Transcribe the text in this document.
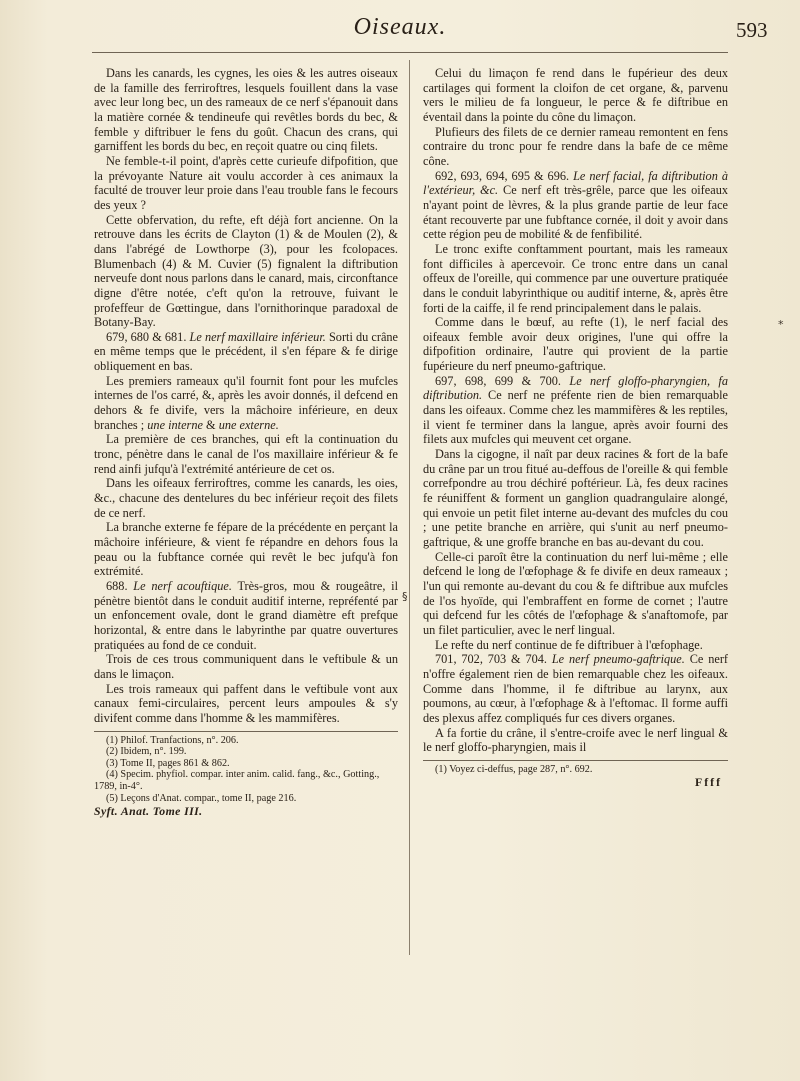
Oiseaux.	593

Dans les canards, les cygnes, les oies & les autres oiseaux de la famille des ferriroftres, lesquels fouillent dans la vase avec leur long bec, un des rameaux de ce nerf s'épanouit dans la matière cornée & tendineufe qui revêtles bords du bec, & femble y diftribuer le fens du goût. Chacun des crans, qui garniffent les bords du bec, en reçoit quatre ou cinq filets.

Ne femble-t-il point, d'après cette curieufe difpofition, que la prévoyante Nature ait voulu accorder à ces animaux la faculté de trouver leur proie dans l'eau trouble fans le fecours des yeux ?

Cette obfervation, du refte, eft déjà fort ancienne. On la retrouve dans les écrits de Clayton (1) & de Moulen (2), & dans l'abrégé de Lowthorpe (3), pour les fcolopaces. Blumenbach (4) & M. Cuvier (5) fignalent la diftribution nerveufe dont nous parlons dans le canard, mais, circonftance digne d'être notée, c'eft qu'on la retrouve, fuivant le profeffeur de Gœttingue, dans l'ornithorinque paradoxal de Botany-Bay.

679, 680 & 681. Le nerf maxillaire inférieur. Sorti du crâne en même temps que le précédent, il s'en fépare & fe dirige obliquement en bas.

Les premiers rameaux qu'il fournit font pour les mufcles internes de l'os carré, &, après les avoir donnés, il defcend en dehors & fe divife, vers la mâchoire inférieure, en deux branches ; une interne & une externe.

La première de ces branches, qui eft la continuation du tronc, pénètre dans le canal de l'os maxillaire inférieur & fe rend ainfi jufqu'à l'extrémité antérieure de cet os.

Dans les oifeaux ferriroftres, comme les canards, les oies, &c., chacune des dentelures du bec inférieur reçoit des filets de ce nerf.

La branche externe fe fépare de la précédente en perçant la mâchoire inférieure, & vient fe répandre en dehors fous la peau ou la fubftance cornée qui revêt le bec jufqu'à fon extrémité.

688. Le nerf acouftique. Très-gros, mou & rougeâtre, il pénètre bientôt dans le conduit auditif interne, repréfenté par un enfoncement ovale, dont le grand diamètre eft prefque horizontal, & entre dans le labyrinthe par quatre ouvertures pratiquées au fond de ce conduit.

Trois de ces trous communiquent dans le veftibule & un dans le limaçon.

Les trois rameaux qui paffent dans le veftibule vont aux canaux femi-circulaires, percent leurs ampoules & s'y divifent comme dans l'homme & les mammifères.

(1) Philof. Tranfactions, n°. 206.

(2) Ibidem, n°. 199.

(3) Tome II, pages 861 & 862.

(4) Specim. phyfiol. compar. inter anim. calid. fang., &c., Gotting., 1789, in-4°.

(5) Leçons d'Anat. compar., tome II, page 216.

Syft. Anat. Tome III.

Celui du limaçon fe rend dans le fupérieur des deux cartilages qui forment la cloifon de cet organe, &, parvenu vers le milieu de fa longueur, le perce & fe diftribue en éventail dans la pointe du cône du limaçon.

Plufieurs des filets de ce dernier rameau remontent en fens contraire du tronc pour fe rendre dans la bafe de ce même cône.

692, 693, 694, 695 & 696. Le nerf facial, fa diftribution à l'extérieur, &c. Ce nerf eft très-grêle, parce que les oifeaux n'ayant point de lèvres, & la plus grande partie de leur face étant recouverte par une fubftance cornée, il doit y avoir dans cette région peu de mobilité & de fenfibilité.

Le tronc exifte conftamment pourtant, mais les rameaux font difficiles à apercevoir. Ce tronc entre dans un canal offeux de l'oreille, qui commence par une ouverture pratiquée dans le conduit labyrinthique ou auditif interne, &, après être forti de la caiffe, il fe rend principalement dans le palais.

Comme dans le bœuf, au refte (1), le nerf facial des oifeaux femble avoir deux origines, l'une qui offre la difpofition ordinaire, l'autre qui provient de la partie fupérieure du nerf pneumo-gaftrique.

697, 698, 699 & 700. Le nerf gloffo-pharyngien, fa diftribution. Ce nerf ne préfente rien de bien remarquable dans les oifeaux. Comme chez les mammifères & les reptiles, il vient fe terminer dans la langue, après avoir fourni des filets aux mufcles qui meuvent cet organe.

Dans la cigogne, il naît par deux racines & fort de la bafe du crâne par un trou fitué au-deffous de l'oreille & qui femble correfpondre au trou déchiré poftérieur. Là, fes deux racines fe réuniffent & forment un ganglion quadrangulaire alongé, qui envoie un petit filet interne au-devant des mufcles du cou ; une petite branche en arrière, qui s'unit au nerf pneumo-gaftrique, & une groffe branche en bas au-devant du cou.

Celle-ci paroît être la continuation du nerf lui-même ; elle defcend le long de l'œfophage & fe divife en deux rameaux ; l'un qui remonte au-devant du cou & fe diftribue aux mufcles de l'os hyoïde, qui l'embraffent en forme de cornet ; l'autre qui defcend fur les côtés de l'œfophage & s'anaftomofe, par un filet particulier, avec le nerf lingual.

Le refte du nerf continue de fe diftribuer à l'œfophage.

701, 702, 703 & 704. Le nerf pneumo-gaftrique. Ce nerf n'offre également rien de bien remarquable chez les oifeaux. Comme dans l'homme, il fe diftribue au larynx, aux poumons, au cœur, à l'œfophage & à l'eftomac. Il forme auffi des plexus affez compliqués fur ces divers organes.

A fa fortie du crâne, il s'entre-croife avec le nerf lingual & le nerf gloffo-pharyngien, mais il

(1) Voyez ci-deffus, page 287, n°. 692.

Ffff
*
§
